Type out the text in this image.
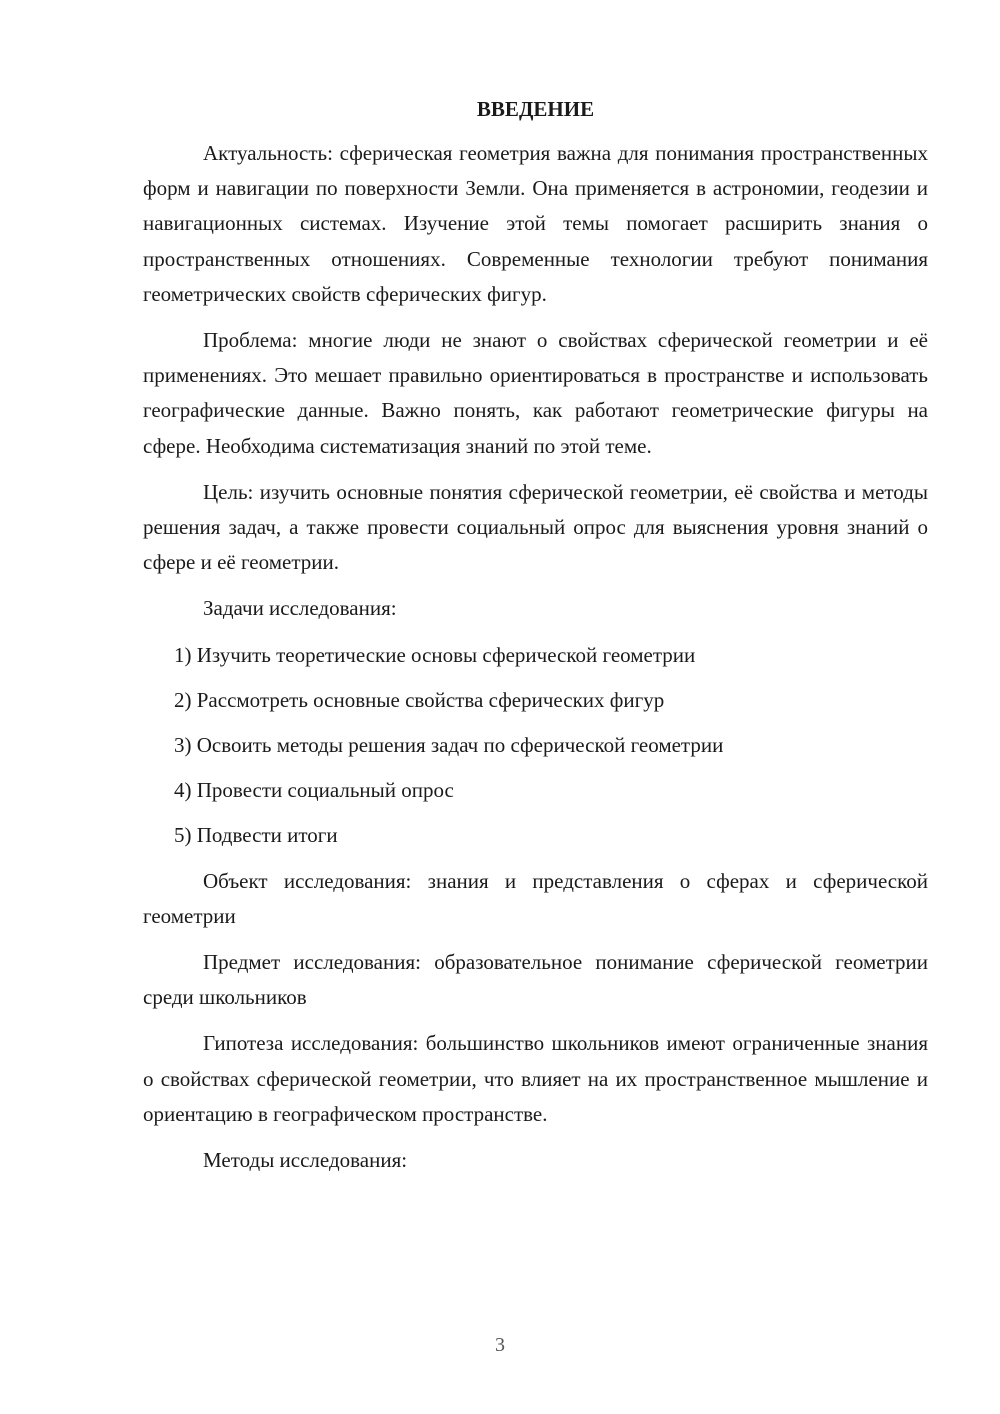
ВВЕДЕНИЕ

Актуальность: сферическая геометрия важна для понимания пространственных форм и навигации по поверхности Земли. Она применяется в астрономии, геодезии и навигационных системах. Изучение этой темы помогает расширить знания о пространственных отношениях. Современные технологии требуют понимания геометрических свойств сферических фигур.

Проблема: многие люди не знают о свойствах сферической геометрии и её применениях. Это мешает правильно ориентироваться в пространстве и использовать географические данные. Важно понять, как работают геометрические фигуры на сфере. Необходима систематизация знаний по этой теме.

Цель: изучить основные понятия сферической геометрии, её свойства и методы решения задач, а также провести социальный опрос для выяснения уровня знаний о сфере и её геометрии.

Задачи исследования:

1) Изучить теоретические основы сферической геометрии

2) Рассмотреть основные свойства сферических фигур

3) Освоить методы решения задач по сферической геометрии

4) Провести социальный опрос

5) Подвести итоги

Объект исследования: знания и представления о сферах и сферической геометрии

Предмет исследования: образовательное понимание сферической геометрии среди школьников

Гипотеза исследования: большинство школьников имеют ограниченные знания о свойствах сферической геометрии, что влияет на их пространственное мышление и ориентацию в географическом пространстве.

Методы исследования:

3
